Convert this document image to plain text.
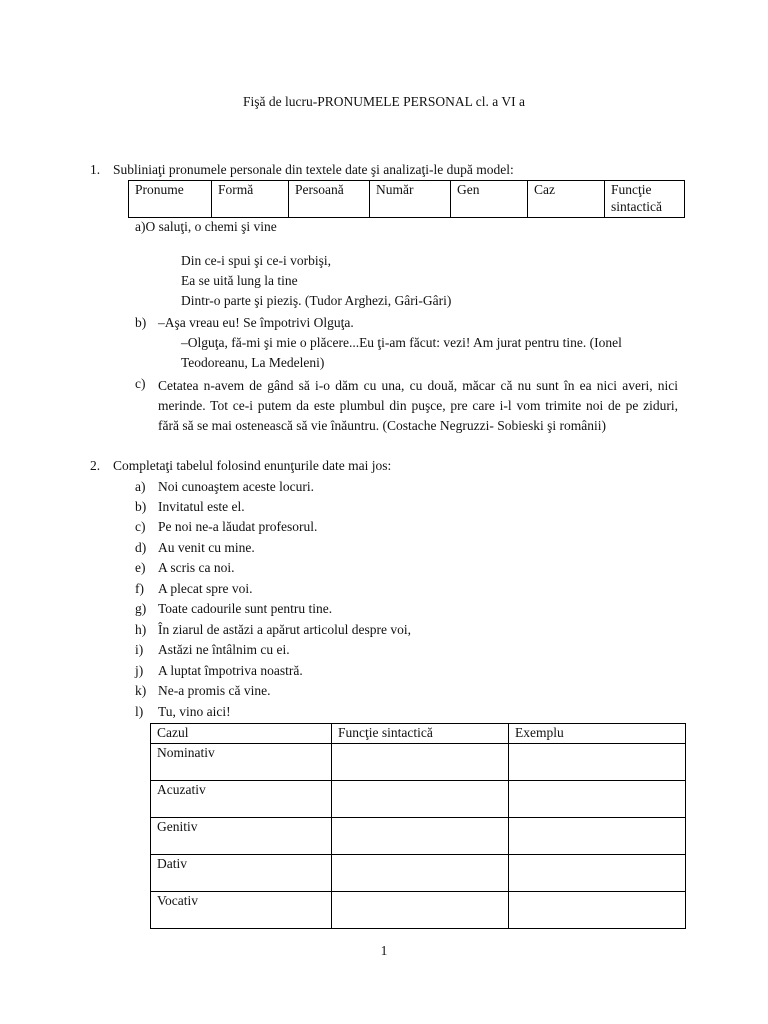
Fişă de lucru-PRONUMELE PERSONAL cl. a VI a
1. Subliniaţi pronumele personale din textele date şi analizaţi-le după model:
Pronume	Formă	Persoană	Număr	Gen	Caz	Funcţie sintactică
a)O saluţi, o chemi şi vine
Din ce-i spui şi ce-i vorbişi,
Ea se uită lung la tine
Dintr-o parte şi pieziş. (Tudor Arghezi, Gâri-Gâri)
b) –Aşa vreau eu! Se împotrivi Olguţa.
–Olguţa, fă-mi şi mie o plăcere...Eu ţi-am făcut: vezi! Am jurat pentru tine. (Ionel
Teodoreanu, La Medeleni)
c) Cetatea n-avem de gând să i-o dăm cu una, cu două, măcar că nu sunt în ea nici averi, nici merinde. Tot ce-i putem da este plumbul din puşce, pre care i-l vom trimite noi de pe ziduri, fără să se mai ostenească să vie înăuntru. (Costache Negruzzi- Sobieski şi românii)
2. Completaţi tabelul folosind enunţurile date mai jos:
a) Noi cunoaştem aceste locuri.
b) Invitatul este el.
c) Pe noi ne-a lăudat profesorul.
d) Au venit cu mine.
e) A scris ca noi.
f) A plecat spre voi.
g) Toate cadourile sunt pentru tine.
h) În ziarul de astăzi a apărut articolul despre voi,
i) Astăzi ne întâlnim cu ei.
j) A luptat împotriva noastră.
k) Ne-a promis că vine.
l) Tu, vino aici!
Cazul	Funcţie sintactică	Exemplu
Nominativ		
Acuzativ		
Genitiv		
Dativ		
Vocativ		
1
